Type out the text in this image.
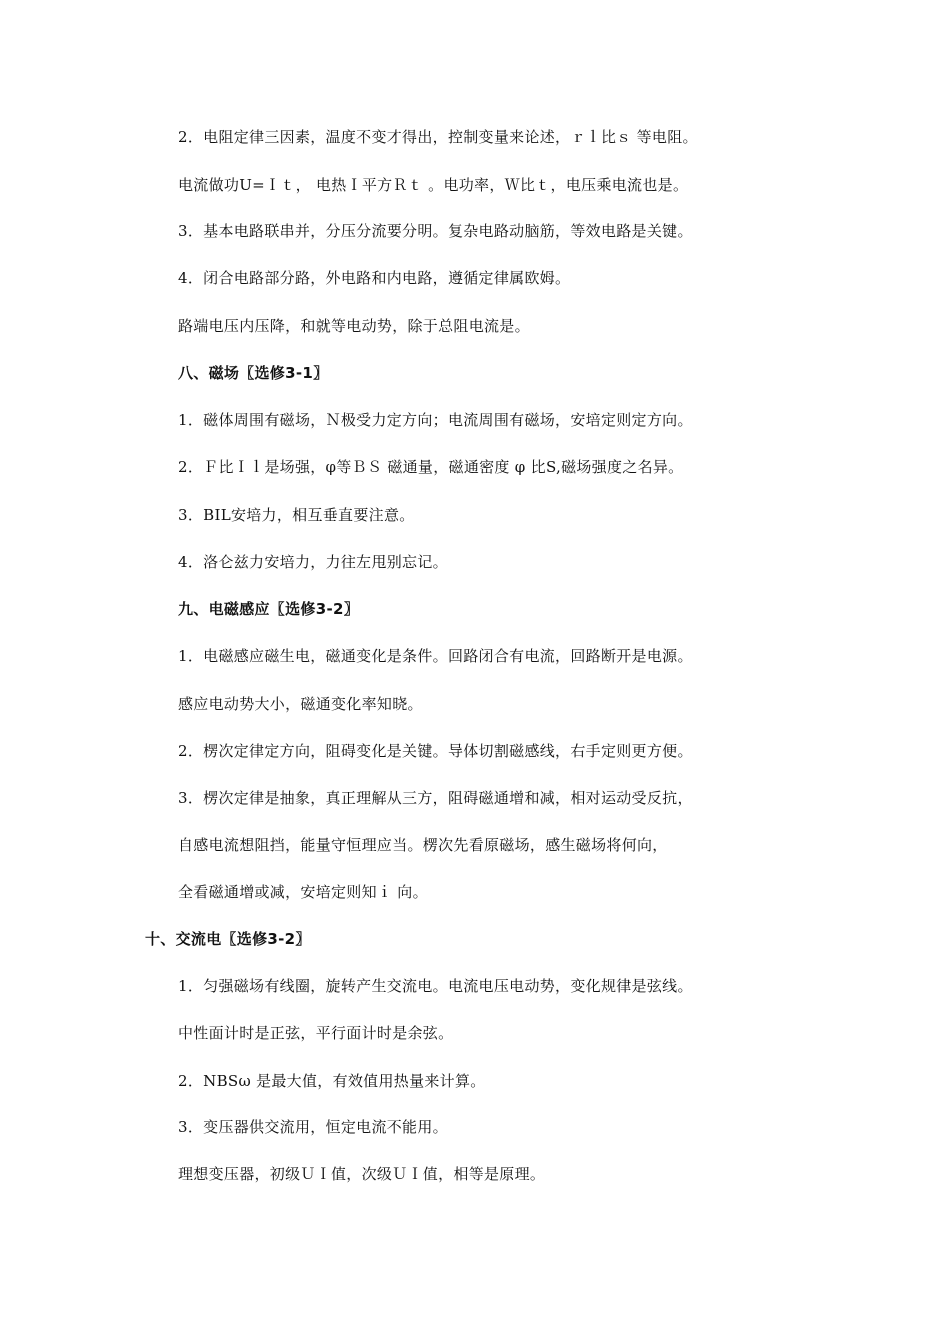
2．电阻定律三因素，温度不变才得出，控制变量来论述，ｒｌ比ｓ 等电阻。
电流做功U=Ｉｔ， 电热Ｉ平方Ｒｔ 。电功率，Ｗ比ｔ，电压乘电流也是。
3．基本电路联串并，分压分流要分明。复杂电路动脑筋，等效电路是关键。
4．闭合电路部分路，外电路和内电路，遵循定律属欧姆。
路端电压内压降，和就等电动势，除于总阻电流是。
八、磁场〖选修3-1〗
1．磁体周围有磁场，Ｎ极受力定方向；电流周围有磁场，安培定则定方向。
2．Ｆ比Ｉｌ是场强，φ等ＢＳ 磁通量，磁通密度 φ 比S,磁场强度之名异。
3．BIL安培力，相互垂直要注意。
4．洛仑兹力安培力，力往左甩别忘记。
九、电磁感应〖选修3-2〗
1．电磁感应磁生电，磁通变化是条件。回路闭合有电流，回路断开是电源。
感应电动势大小，磁通变化率知晓。
2．楞次定律定方向，阻碍变化是关键。导体切割磁感线，右手定则更方便。
3．楞次定律是抽象，真正理解从三方，阻碍磁通增和减，相对运动受反抗，
自感电流想阻挡，能量守恒理应当。楞次先看原磁场，感生磁场将何向，
全看磁通增或减，安培定则知ｉ 向。
十、交流电〖选修3-2〗
1．匀强磁场有线圈，旋转产生交流电。电流电压电动势，变化规律是弦线。
中性面计时是正弦，平行面计时是余弦。
2．NBSω 是最大值，有效值用热量来计算。
3．变压器供交流用，恒定电流不能用。
理想变压器，初级ＵＩ值，次级ＵＩ值，相等是原理。
